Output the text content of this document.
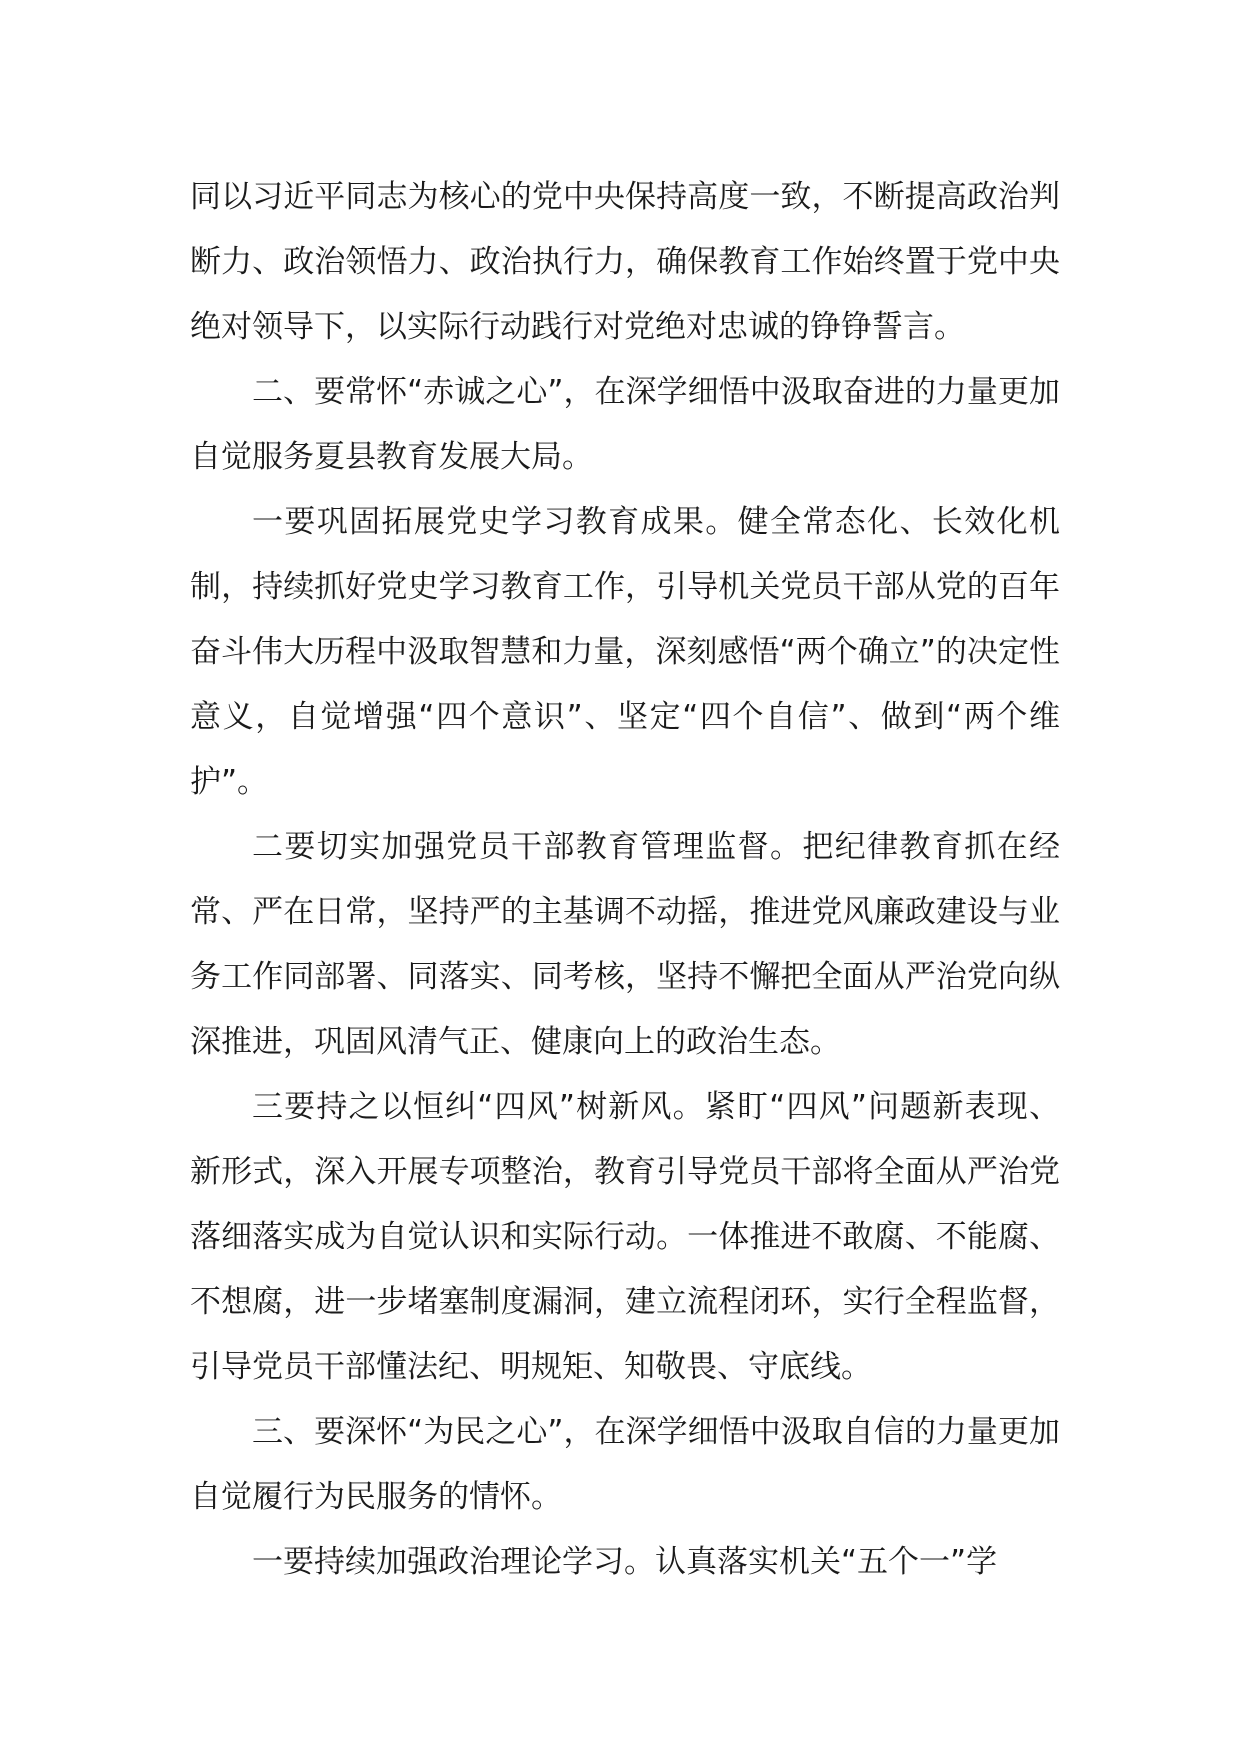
同以习近平同志为核心的党中央保持高度一致，不断提高政治判断力、政治领悟力、政治执行力，确保教育工作始终置于党中央绝对领导下，以实际行动践行对党绝对忠诚的铮铮誓言。

二、要常怀“赤诚之心”，在深学细悟中汲取奋进的力量更加自觉服务夏县教育发展大局。

一要巩固拓展党史学习教育成果。健全常态化、长效化机制，持续抓好党史学习教育工作，引导机关党员干部从党的百年奋斗伟大历程中汲取智慧和力量，深刻感悟“两个确立”的决定性意义，自觉增强“四个意识”、坚定“四个自信”、做到“两个维护”。

二要切实加强党员干部教育管理监督。把纪律教育抓在经常、严在日常，坚持严的主基调不动摇，推进党风廉政建设与业务工作同部署、同落实、同考核，坚持不懈把全面从严治党向纵深推进，巩固风清气正、健康向上的政治生态。

三要持之以恒纠“四风”树新风。紧盯“四风”问题新表现、新形式，深入开展专项整治，教育引导党员干部将全面从严治党落细落实成为自觉认识和实际行动。一体推进不敢腐、不能腐、不想腐，进一步堵塞制度漏洞，建立流程闭环，实行全程监督，引导党员干部懂法纪、明规矩、知敬畏、守底线。

三、要深怀“为民之心”，在深学细悟中汲取自信的力量更加自觉履行为民服务的情怀。

一要持续加强政治理论学习。认真落实机关“五个一”学
